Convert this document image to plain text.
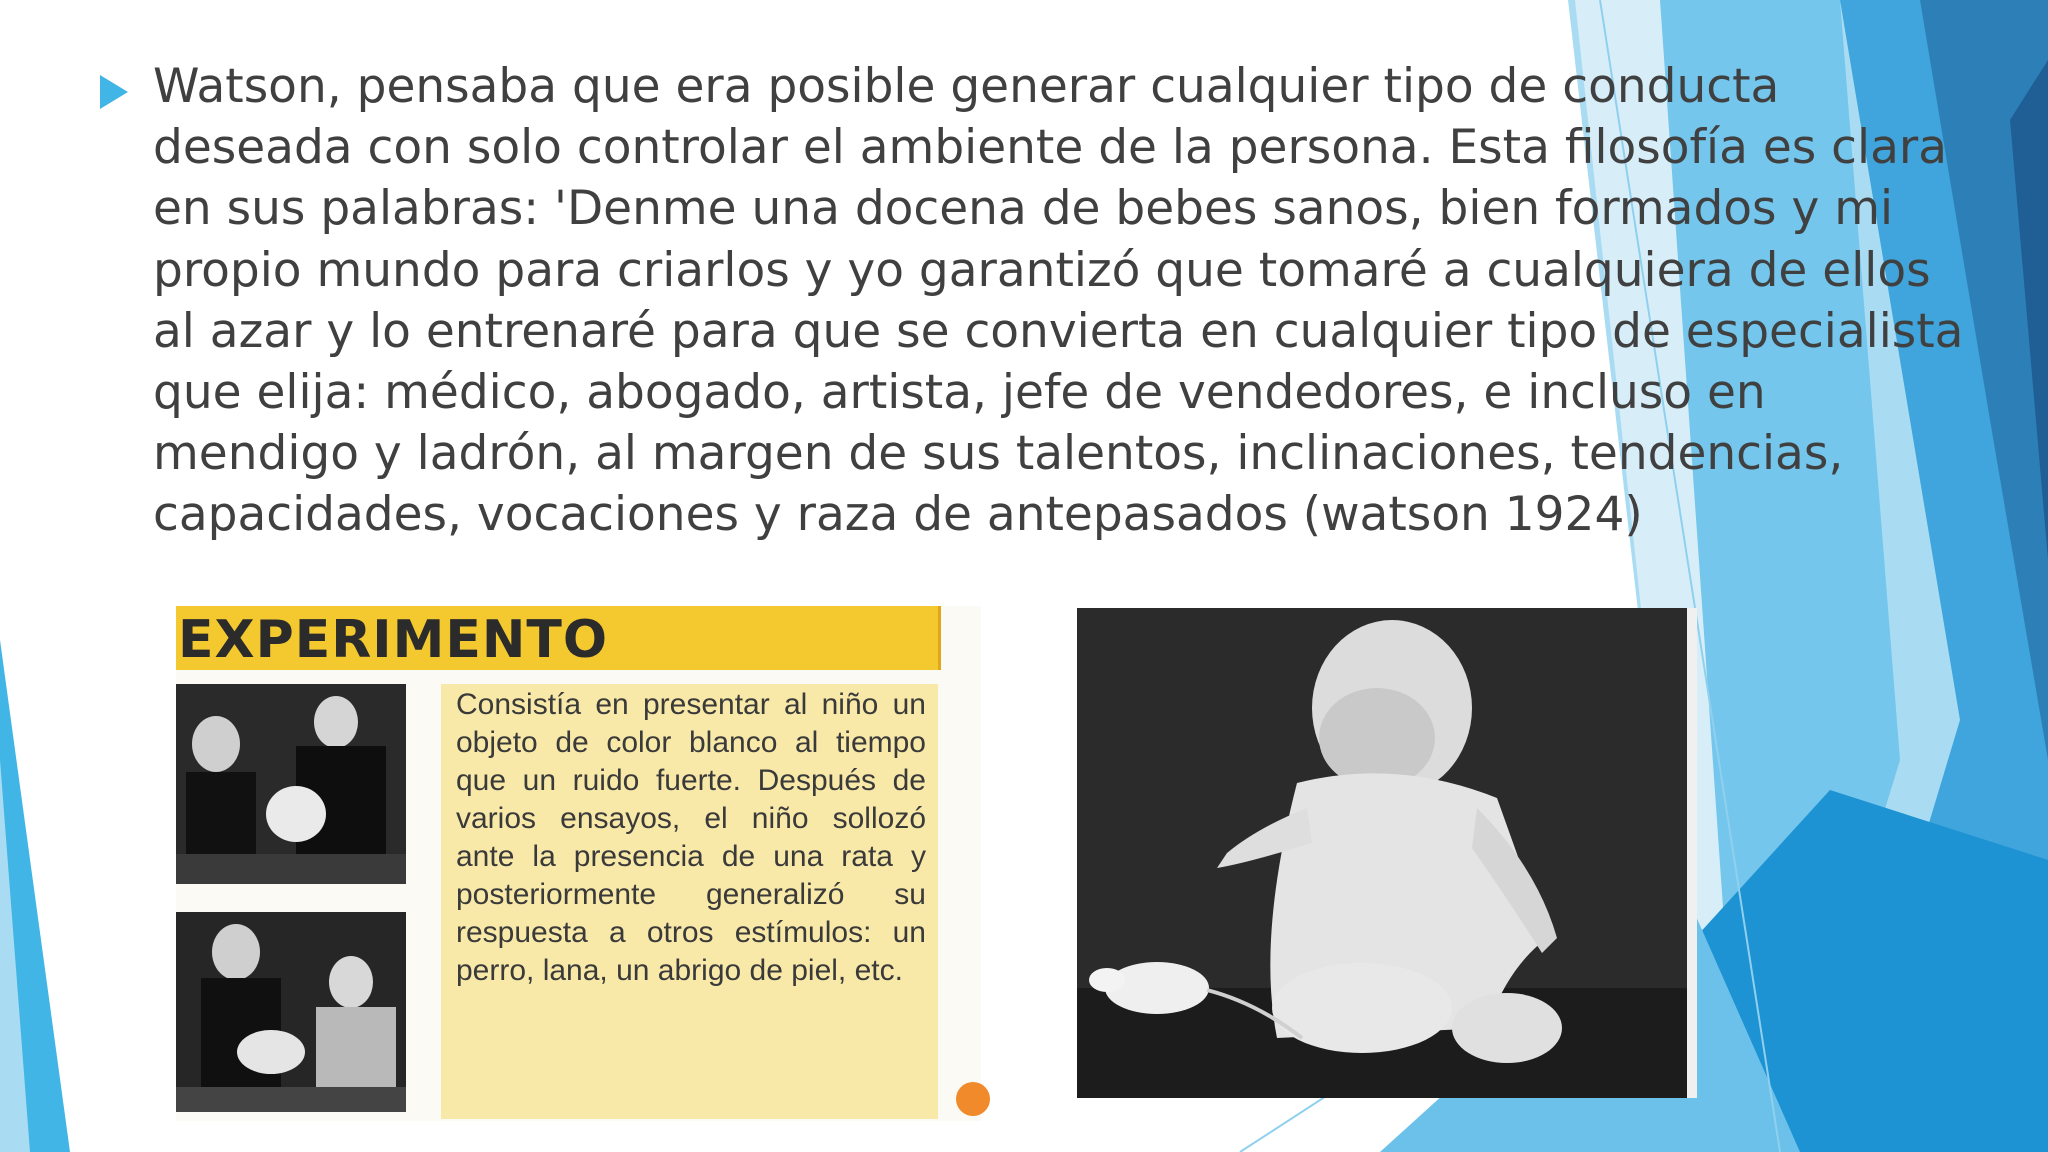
Watson, pensaba que era posible generar cualquier tipo de conducta deseada con solo controlar el ambiente de la persona. Esta filosofía es clara en sus palabras: 'Denme una docena de bebes sanos, bien formados y mi propio mundo para criarlos y yo garantizó que tomaré a cualquiera de ellos al azar y lo entrenaré para que se convierta en cualquier tipo de especialista que elija: médico, abogado, artista, jefe de vendedores, e incluso en mendigo y ladrón, al margen de sus talentos, inclinaciones, tendencias, capacidades, vocaciones y raza de antepasados (watson 1924)

EXPERIMENTO

Consistía en presentar al niño un objeto de color blanco al tiempo que un ruido fuerte. Después de varios ensayos, el niño sollozó ante la presencia de una rata y posteriormente generalizó su respuesta a otros estímulos: un perro, lana, un abrigo de piel, etc.
